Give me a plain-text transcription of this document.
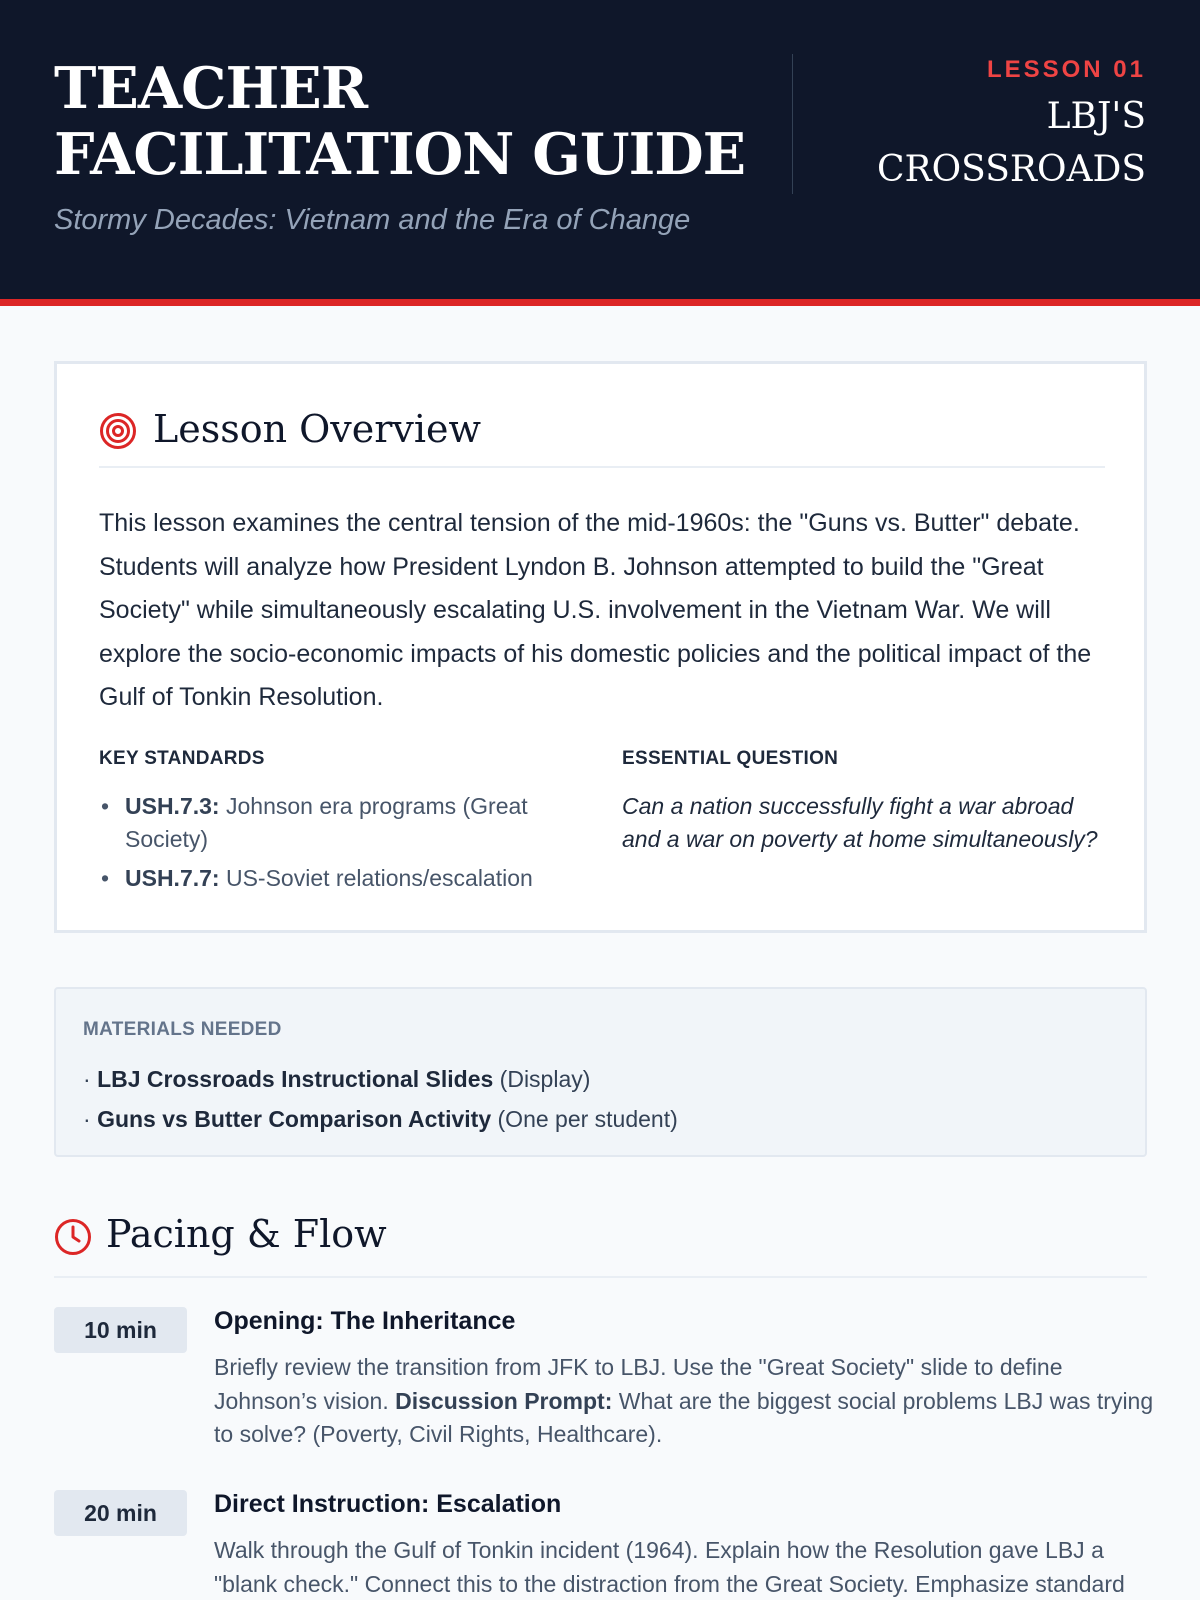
TEACHER FACILITATION GUIDE
Stormy Decades: Vietnam and the Era of Change
LESSON 01
LBJ'S CROSSROADS
Lesson Overview
This lesson examines the central tension of the mid-1960s: the "Guns vs. Butter" debate. Students will analyze how President Lyndon B. Johnson attempted to build the "Great Society" while simultaneously escalating U.S. involvement in the Vietnam War. We will explore the socio-economic impacts of his domestic policies and the political impact of the Gulf of Tonkin Resolution.
KEY STANDARDS
• USH.7.3: Johnson era programs (Great Society)
• USH.7.7: US-Soviet relations/escalation
ESSENTIAL QUESTION
Can a nation successfully fight a war abroad and a war on poverty at home simultaneously?
MATERIALS NEEDED
· LBJ Crossroads Instructional Slides (Display)
· Guns vs Butter Comparison Activity (One per student)
Pacing & Flow
10 min	Opening: The Inheritance
Briefly review the transition from JFK to LBJ. Use the "Great Society" slide to define Johnson’s vision. Discussion Prompt: What are the biggest social problems LBJ was trying to solve? (Poverty, Civil Rights, Healthcare).
20 min	Direct Instruction: Escalation
Walk through the Gulf of Tonkin incident (1964). Explain how the Resolution gave LBJ a "blank check." Connect this to the distraction from the Great Society. Emphasize standard
